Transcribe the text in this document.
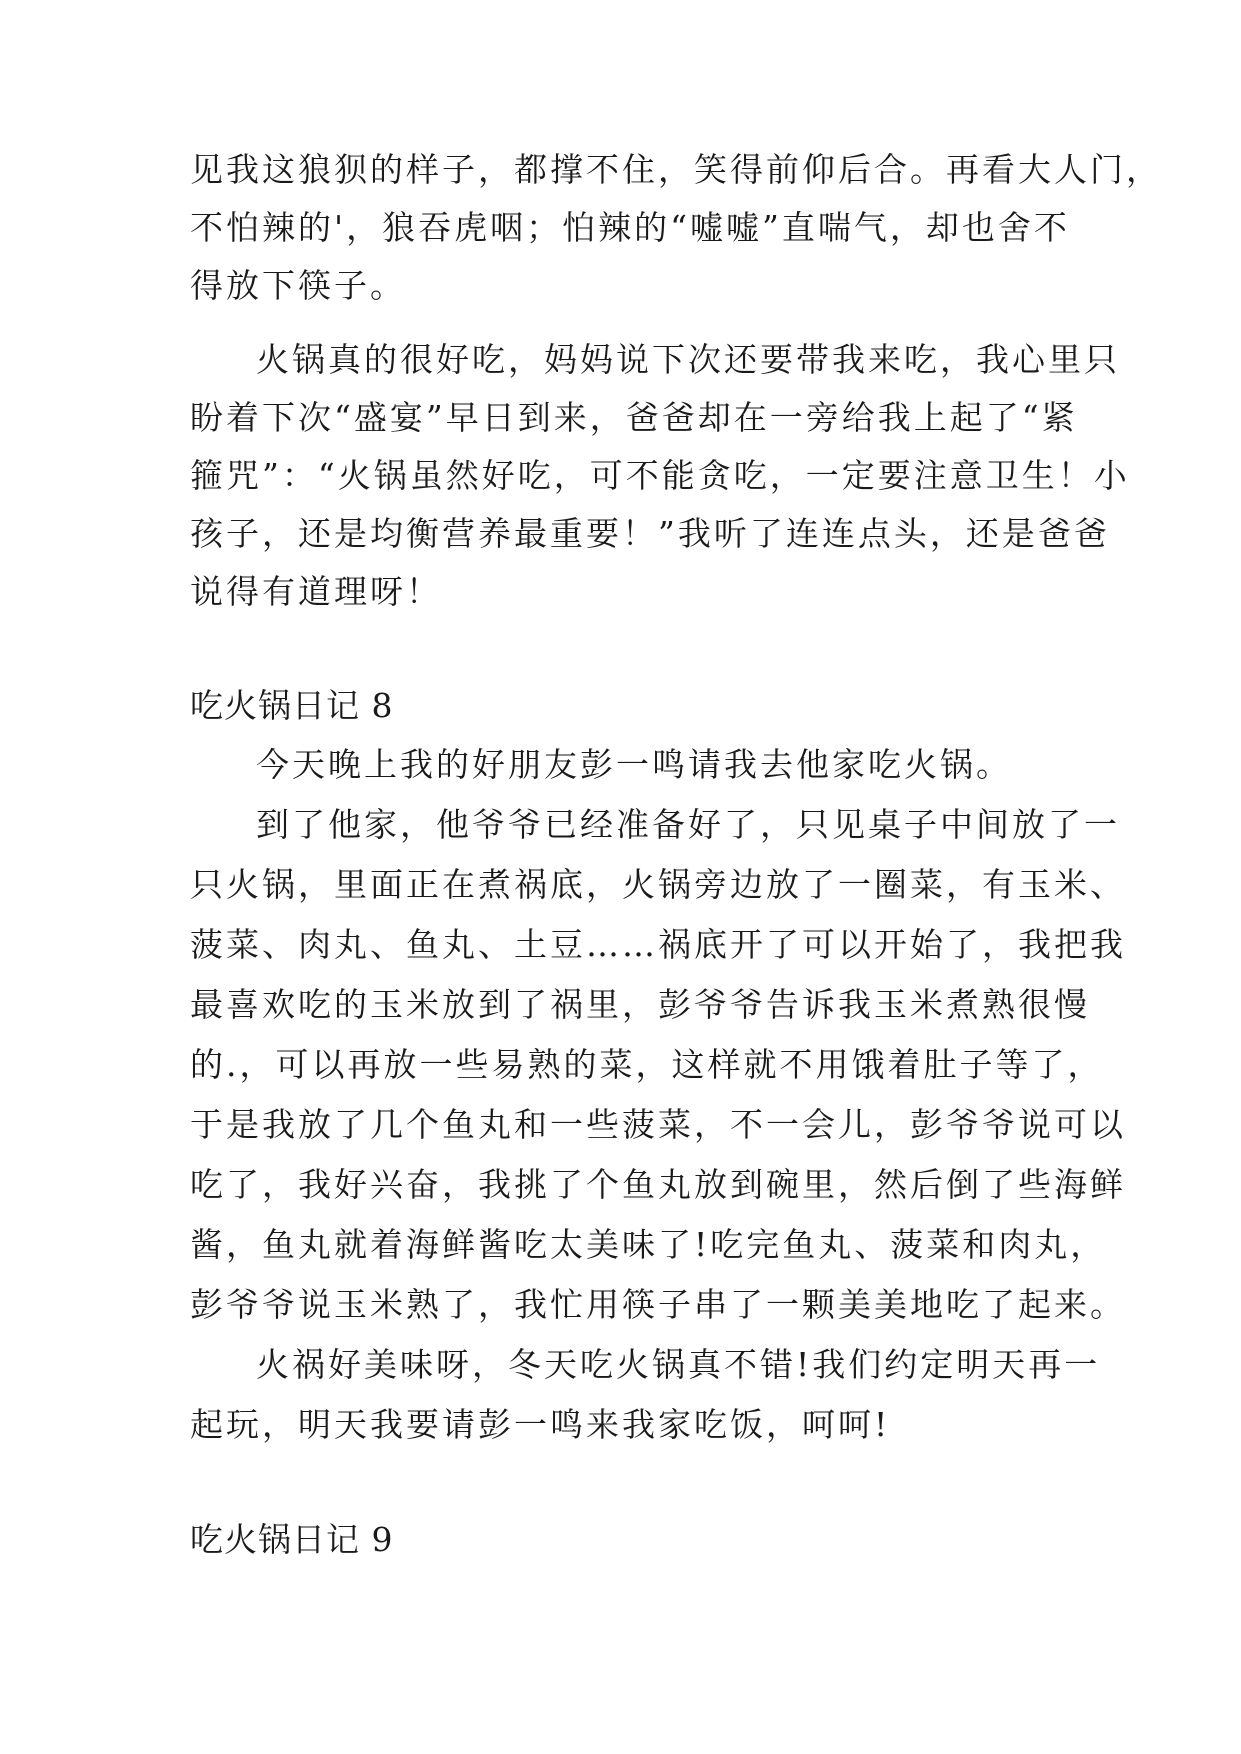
见我这狼狈的样子，都撑不住，笑得前仰后合。再看大人门，
不怕辣的'，狼吞虎咽；怕辣的“嘘嘘”直喘气，却也舍不
得放下筷子。
火锅真的很好吃，妈妈说下次还要带我来吃，我心里只
盼着下次“盛宴”早日到来，爸爸却在一旁给我上起了“紧
箍咒”：“火锅虽然好吃，可不能贪吃，一定要注意卫生！小
孩子，还是均衡营养最重要！”我听了连连点头，还是爸爸
说得有道理呀！
吃火锅日记 8
今天晚上我的好朋友彭一鸣请我去他家吃火锅。
到了他家，他爷爷已经准备好了，只见桌子中间放了一
只火锅，里面正在煮祸底，火锅旁边放了一圈菜，有玉米、
菠菜、肉丸、鱼丸、土豆……祸底开了可以开始了，我把我
最喜欢吃的玉米放到了祸里，彭爷爷告诉我玉米煮熟很慢
的.，可以再放一些易熟的菜，这样就不用饿着肚子等了，
于是我放了几个鱼丸和一些菠菜，不一会儿，彭爷爷说可以
吃了，我好兴奋，我挑了个鱼丸放到碗里，然后倒了些海鲜
酱，鱼丸就着海鲜酱吃太美味了!吃完鱼丸、菠菜和肉丸，
彭爷爷说玉米熟了，我忙用筷子串了一颗美美地吃了起来。
火祸好美味呀，冬天吃火锅真不错!我们约定明天再一
起玩，明天我要请彭一鸣来我家吃饭，呵呵!
吃火锅日记 9
